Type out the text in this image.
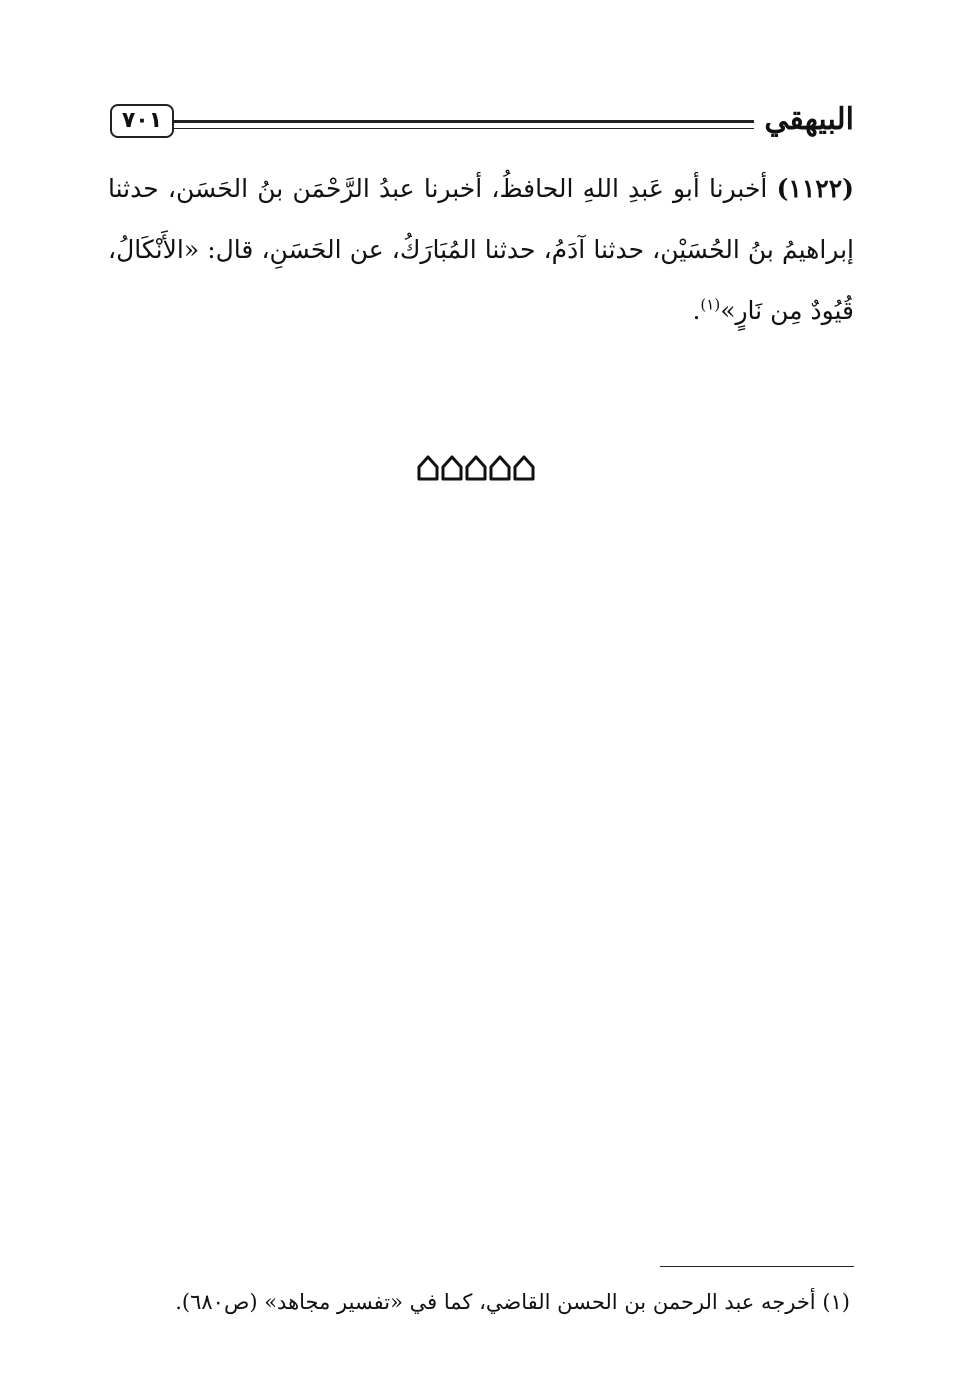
البيهقي
٧٠١
(١١٢٢) أخبرنا أبو عَبدِ اللهِ الحافظُ، أخبرنا عبدُ الرَّحْمَن بنُ الحَسَن، حدثنا إبراهيمُ بنُ الحُسَيْن، حدثنا آدَمُ، حدثنا المُبَارَكُ، عن الحَسَنِ، قال: «الأَنْكَالُ، قُيُودٌ مِن نَارٍ»$^{(١)}$.
(١) أخرجه عبد الرحمن بن الحسن القاضي، كما في «تفسير مجاهد» (ص٦٨٠).
